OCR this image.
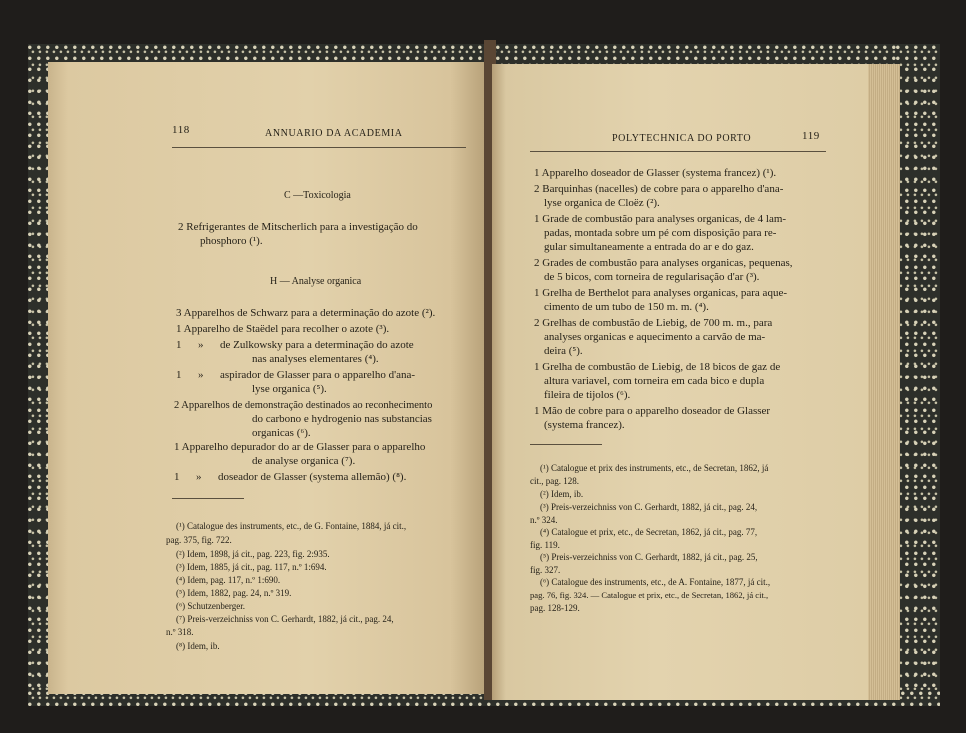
118	ANNUARIO DA ACADEMIA
C —Toxicologia
2 Refrigerantes de Mitscherlich para a investigação do
phosphoro (¹).
H — Analyse organica
3 Apparelhos de Schwarz para a determinação do azote (²).
1 Apparelho de Staëdel para recolher o azote (³).
1      »      de Zulkowsky para a determinação do azote
nas analyses elementares (⁴).
1      »      aspirador de Glasser para o apparelho d'ana-
lyse organica (⁵).
2 Apparelhos de demonstração destinados ao reconhecimento
do carbono e hydrogenio nas substancias
organicas (⁶).
1 Apparelho depurador do ar de Glasser para o apparelho
de analyse organica (⁷).
1      »      doseador de Glasser (systema allemão) (⁸).
(¹) Catalogue des instruments, etc., de G. Fontaine, 1884, já cit.,
pag. 375, fig. 722.
(²) Idem, 1898, já cit., pag. 223, fig. 2:935.
(³) Idem, 1885, já cit., pag. 117, n.º 1:694.
(⁴) Idem, pag. 117, n.º 1:690.
(⁵) Idem, 1882, pag. 24, n.º 319.
(⁶) Schutzenberger.
(⁷) Preis-verzeichniss von C. Gerhardt, 1882, já cit., pag. 24,
n.º 318.
(⁸) Idem, ib.
POLYTECHNICA DO PORTO	119
1 Apparelho doseador de Glasser (systema francez) (¹).
2 Barquinhas (nacelles) de cobre para o apparelho d'ana-
lyse organica de Cloëz (²).
1 Grade de combustão para analyses organicas, de 4 lam-
padas, montada sobre um pé com disposição para re-
gular simultaneamente a entrada do ar e do gaz.
2 Grades de combustão para analyses organicas, pequenas,
de 5 bicos, com torneira de regularisação d'ar (³).
1 Grelha de Berthelot para analyses organicas, para aque-
cimento de um tubo de 150 m. m. (⁴).
2 Grelhas de combustão de Liebig, de 700 m. m., para
analyses organicas e aquecimento a carvão de ma-
deira (⁵).
1 Grelha de combustão de Liebig, de 18 bicos de gaz de
altura variavel, com torneira em cada bico e dupla
fileira de tijolos (⁶).
1 Mão de cobre para o apparelho doseador de Glasser
(systema francez).
(¹) Catalogue et prix des instruments, etc., de Secretan, 1862, já
cit., pag. 128.
(²) Idem, ib.
(³) Preis-verzeichniss von C. Gerhardt, 1882, já cit., pag. 24,
n.º 324.
(⁴) Catalogue et prix, etc., de Secretan, 1862, já cit., pag. 77,
fig. 119.
(⁵) Preis-verzeichniss von C. Gerhardt, 1882, já cit., pag. 25,
fig. 327.
(⁶) Catalogue des instruments, etc., de A. Fontaine, 1877, já cit.,
pag. 76, fig. 324. — Catalogue et prix, etc., de Secretan, 1862, já cit.,
pag. 128-129.
